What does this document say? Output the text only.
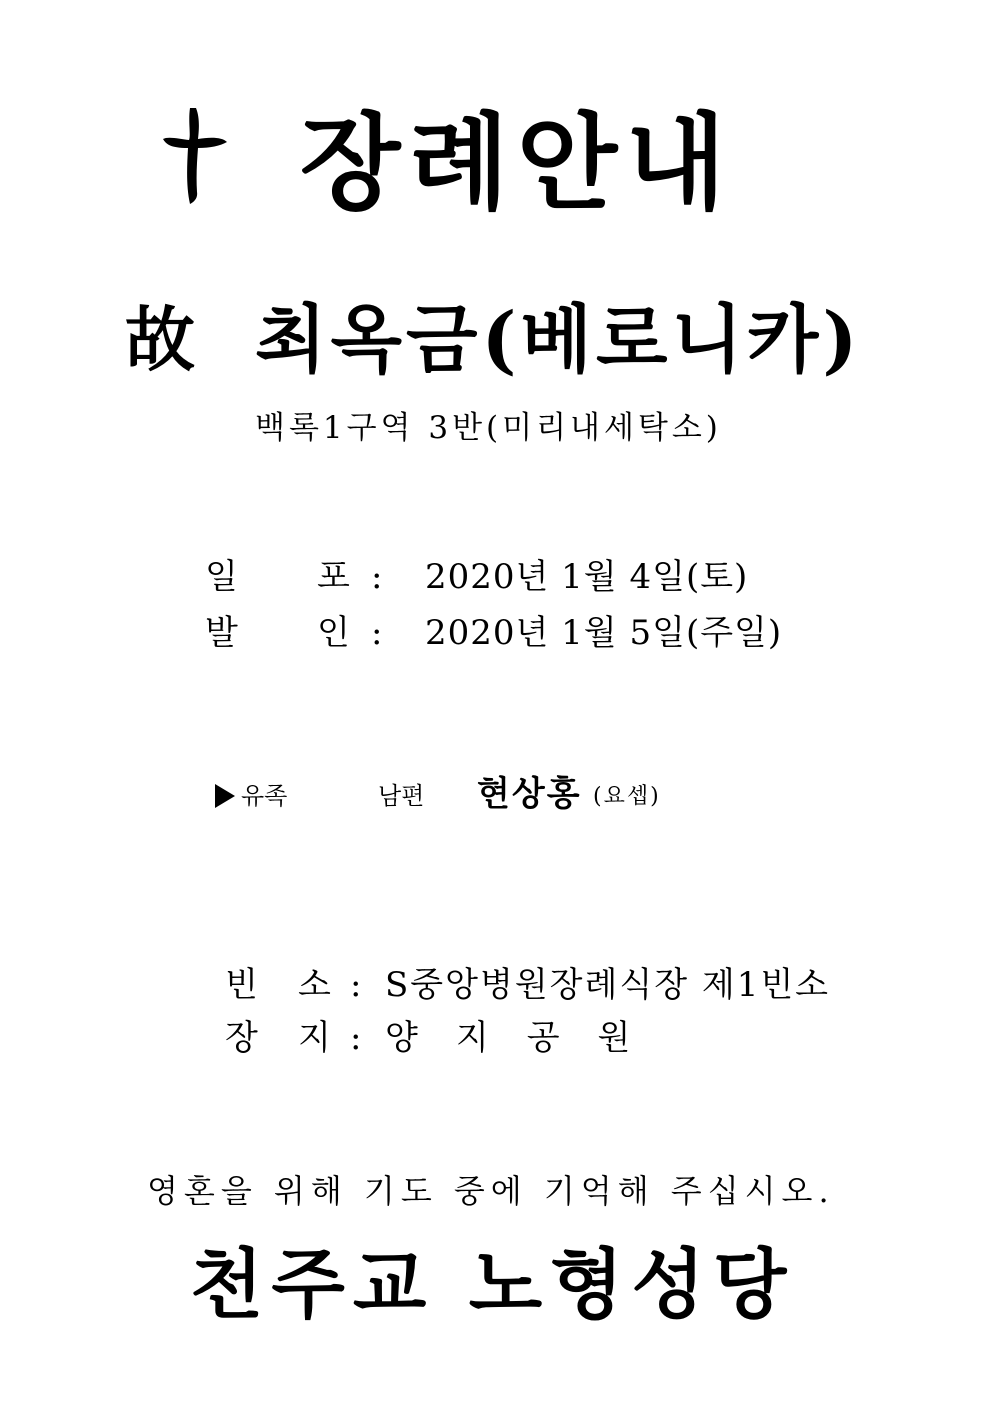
장례안내
故 최옥금(베로니카)
백록1구역 3반(미리내세탁소)
일 포 : 2020년 1월 4일(토)
발 인 : 2020년 1월 5일(주일)
유족	남편 현상홍 (요셉)
빈 소 : S중앙병원장례식장 제1빈소
장 지 : 양지공원
영혼을 위해 기도 중에 기억해 주십시오.
천주교 노형성당
